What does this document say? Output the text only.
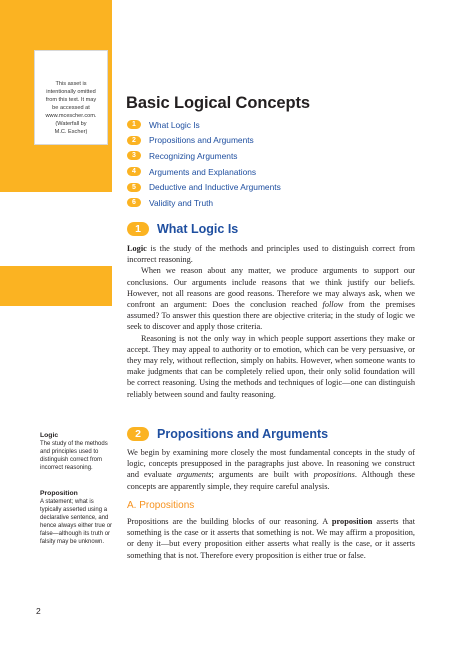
This asset is
intentionally omitted
from this text. It may
be accessed at
www.mcescher.com.
(Waterfall by
M.C. Escher)
Basic Logical Concepts
1	What Logic Is
2	Propositions and Arguments
3	Recognizing Arguments
4	Arguments and Explanations
5	Deductive and Inductive Arguments
6	Validity and Truth
1	What Logic Is

Logic is the study of the methods and principles used to distinguish correct from incorrect reasoning.

When we reason about any matter, we produce arguments to support our conclusions. Our arguments include reasons that we think justify our beliefs. However, not all reasons are good reasons. Therefore we may always ask, when we confront an argument: Does the conclusion reached follow from the premises assumed? To answer this question there are objective criteria; in the study of logic we seek to discover and apply those criteria.

Reasoning is not the only way in which people support assertions they make or accept. They may appeal to authority or to emotion, which can be very persuasive, or they may rely, without reflection, simply on habits. However, when someone wants to make judgments that can be completely relied upon, their only solid foundation will be correct reasoning. Using the methods and techniques of logic—one can distinguish reliably between sound and faulty reasoning.

2	Propositions and Arguments

We begin by examining more closely the most fundamental concepts in the study of logic, concepts presupposed in the paragraphs just above. In reasoning we construct and evaluate arguments; arguments are built with propositions. Although these concepts are apparently simple, they require careful analysis.

A. Propositions

Propositions are the building blocks of our reasoning. A proposition asserts that something is the case or it asserts that something is not. We may affirm a proposition, or deny it—but every proposition either asserts what really is the case, or it asserts something that is not. Therefore every proposition is either true or false.

Logic
The study of the methods and principles used to distinguish correct from incorrect reasoning.
Proposition
A statement; what is typically asserted using a declarative sentence, and hence always either true or false—although its truth or falsity may be unknown.
2
